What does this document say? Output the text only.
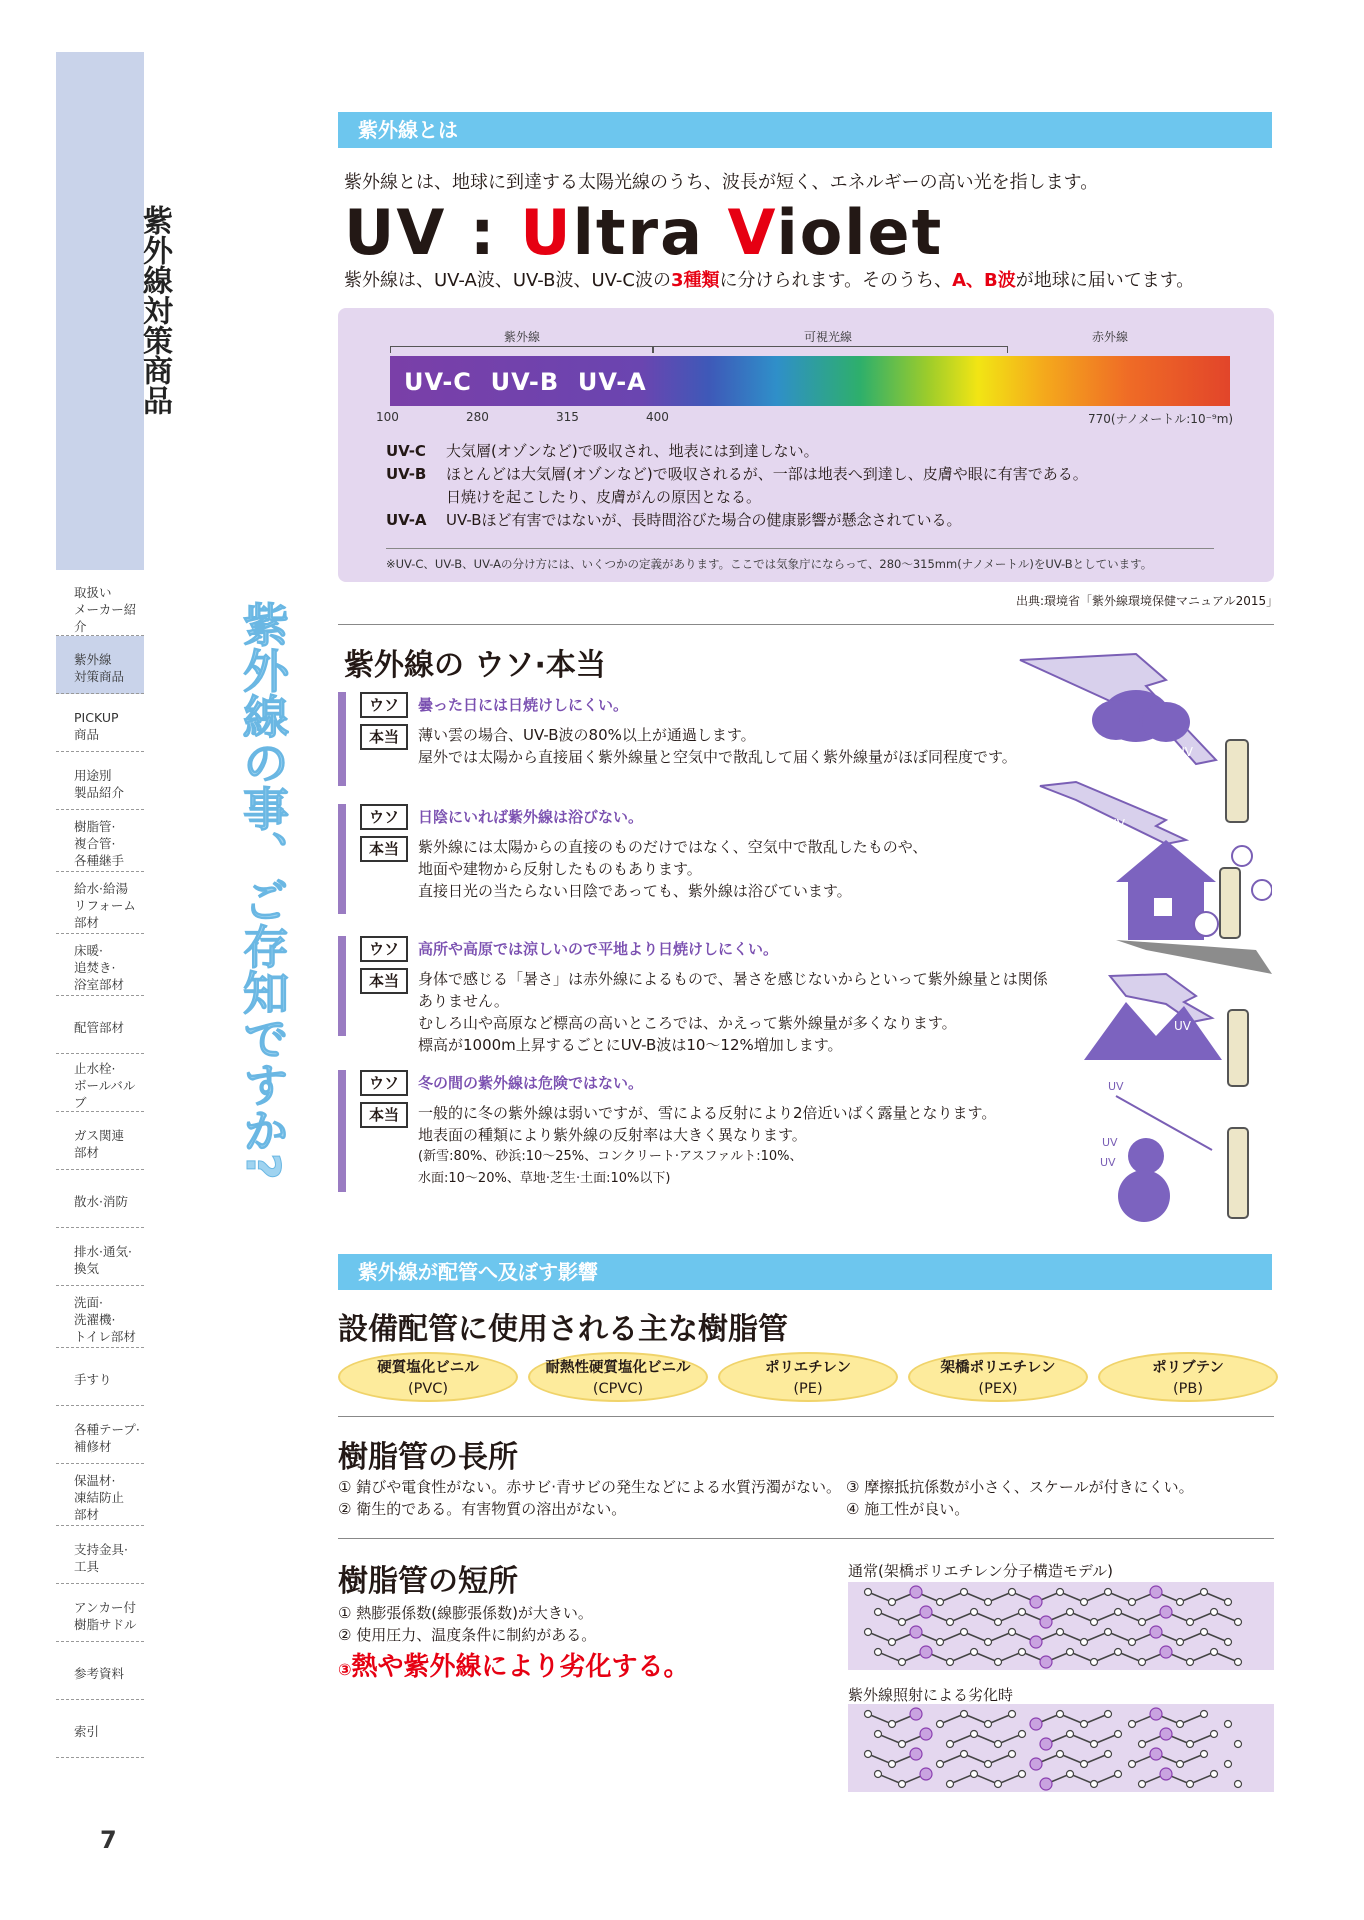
紫外線対策商品
取扱い
メーカー紹介
紫外線
対策商品
PICKUP
商品
用途別
製品紹介
樹脂管·
複合管·
各種継手
給水·給湯
リフォーム
部材
床暖·
追焚き·
浴室部材
配管部材
止水栓·
ボールバルブ
ガス関連
部材
散水·消防
排水·通気·
換気
洗面·
洗濯機·
トイレ部材
手すり
各種テープ·
補修材
保温材·
凍結防止
部材
支持金具·
工具
アンカー付
樹脂サドル
参考資料
索引
7
紫外線の事、ご存知ですか?
紫外線とは
紫外線とは、地球に到達する太陽光線のうち、波長が短く、エネルギーの高い光を指します。
UV : Ultra Violet
紫外線は、UV-A波、UV-B波、UV-C波の3種類に分けられます。そのうち、A、B波が地球に届いてます。
紫外線	可視光線	赤外線
UV-C  UV-B  UV-A
100	280	315	400	770(ナノメートル:10⁻⁹m)
UV-C 大気層(オゾンなど)で吸収され、地表には到達しない。
UV-B ほとんどは大気層(オゾンなど)で吸収されるが、一部は地表へ到達し、皮膚や眼に有害である。
日焼けを起こしたり、皮膚がんの原因となる。
UV-A UV-Bほど有害ではないが、長時間浴びた場合の健康影響が懸念されている。
※UV-C、UV-B、UV-Aの分け方には、いくつかの定義があります。ここでは気象庁にならって、280〜315mm(ナノメートル)をUV-Bとしています。
出典:環境省「紫外線環境保健マニュアル2015」
紫外線の ウソ·本当
ウソ	曇った日には日焼けしにくい。
本当	薄い雲の場合、UV-B波の80%以上が通過します。
屋外では太陽から直接届く紫外線量と空気中で散乱して届く紫外線量がほぼ同程度です。
ウソ	日陰にいれば紫外線は浴びない。
本当	紫外線には太陽からの直接のものだけではなく、空気中で散乱したものや、
地面や建物から反射したものもあります。
直接日光の当たらない日陰であっても、紫外線は浴びています。
ウソ	高所や高原では涼しいので平地より日焼けしにくい。
本当	身体で感じる「暑さ」は赤外線によるもので、暑さを感じないからといって紫外線量とは関係ありません。
むしろ山や高原など標高の高いところでは、かえって紫外線量が多くなります。
標高が1000m上昇するごとにUV-B波は10〜12%増加します。
ウソ	冬の間の紫外線は危険ではない。
本当	一般的に冬の紫外線は弱いですが、雪による反射により2倍近いばく露量となります。
地表面の種類により紫外線の反射率は大きく異なります。
(新雪:80%、砂浜:10〜25%、コンクリート·アスファルト:10%、
水面:10〜20%、草地·芝生·土面:10%以下)
UV
UV
UV
UV
UV
UV
紫外線が配管へ及ぼす影響
設備配管に使用される主な樹脂管
硬質塩化ビニル
(PVC)
耐熱性硬質塩化ビニル
(CPVC)
ポリエチレン
(PE)
架橋ポリエチレン
(PEX)
ポリブテン
(PB)
樹脂管の長所
① 錆びや電食性がない。赤サビ·青サビの発生などによる水質汚濁がない。
② 衛生的である。有害物質の溶出がない。
③ 摩擦抵抗係数が小さく、スケールが付きにくい。
④ 施工性が良い。
樹脂管の短所
① 熱膨張係数(線膨張係数)が大きい。
② 使用圧力、温度条件に制約がある。
③熱や紫外線により劣化する。
通常(架橋ポリエチレン分子構造モデル)
紫外線照射による劣化時
